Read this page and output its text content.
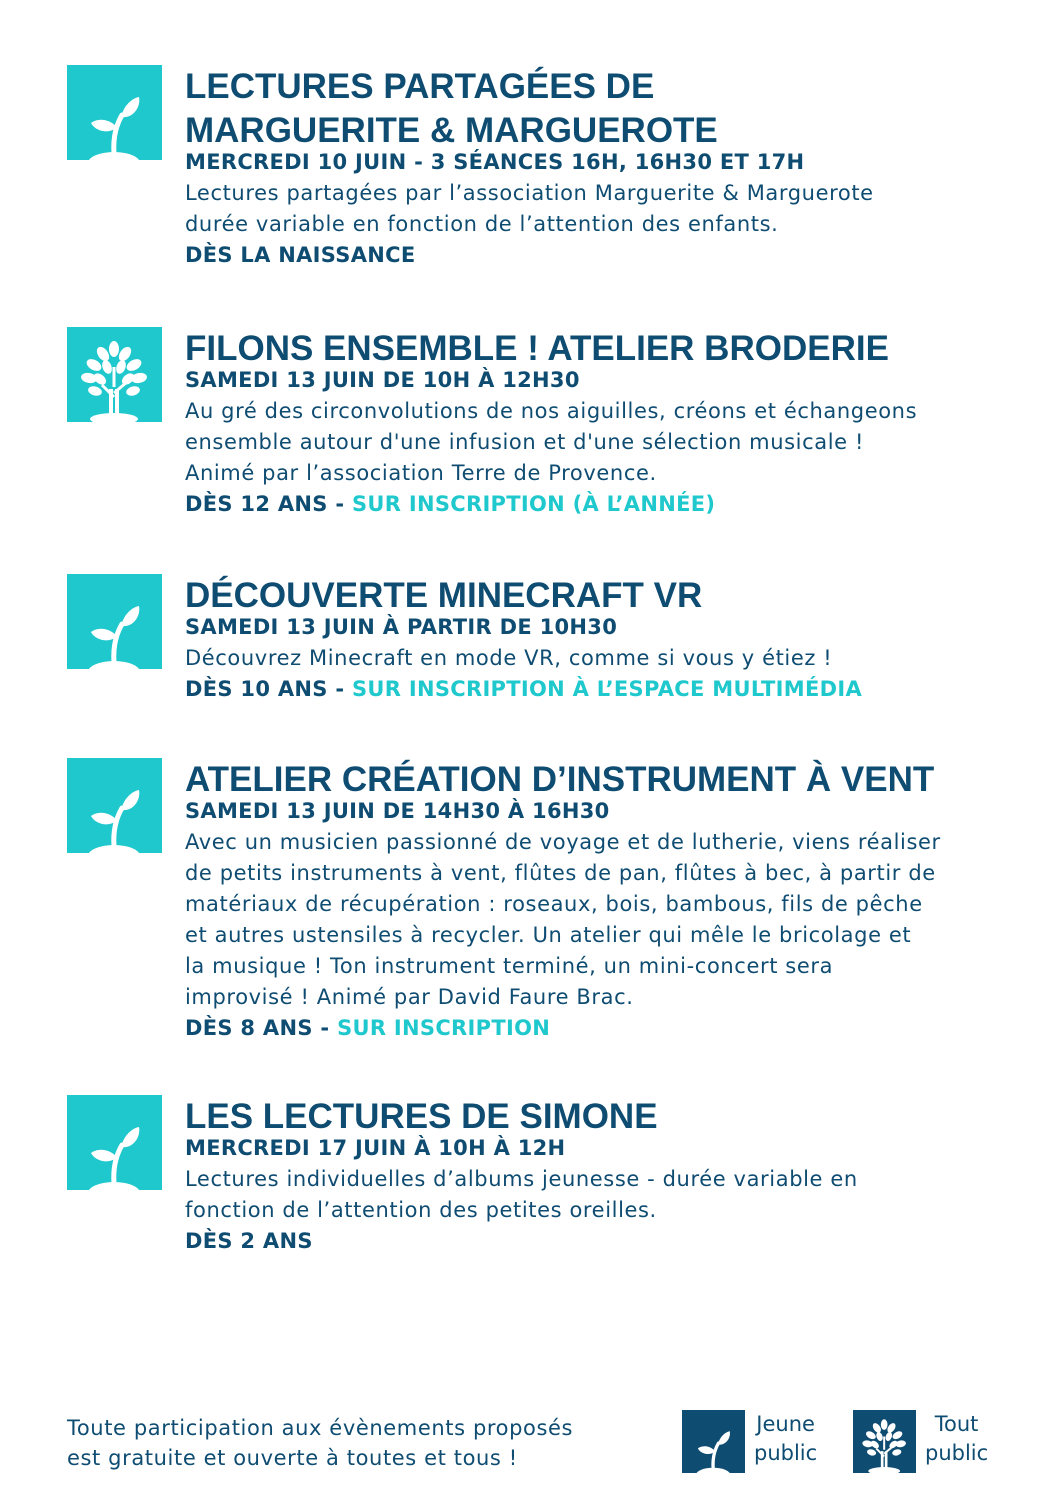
LECTURES PARTAGÉES DE
MARGUERITE & MARGUEROTE
MERCREDI 10 JUIN - 3 SÉANCES 16H, 16H30 ET 17H

Lectures partagées par l’association Marguerite & Marguerote

durée variable en fonction de l’attention des enfants.

DÈS LA NAISSANCE
FILONS ENSEMBLE ! ATELIER BRODERIE
SAMEDI 13 JUIN DE 10H À 12H30

Au gré des circonvolutions de nos aiguilles, créons et échangeons

ensemble autour d'une infusion et d'une sélection musicale !

Animé par l’association Terre de Provence.

DÈS 12 ANS - SUR INSCRIPTION (À L’ANNÉE)
DÉCOUVERTE MINECRAFT VR
SAMEDI 13 JUIN À PARTIR DE 10H30

Découvrez Minecraft en mode VR, comme si vous y étiez !

DÈS 10 ANS - SUR INSCRIPTION À L’ESPACE MULTIMÉDIA
ATELIER CRÉATION D’INSTRUMENT À VENT
SAMEDI 13 JUIN DE 14H30 À 16H30

Avec un musicien passionné de voyage et de lutherie, viens réaliser

de petits instruments à vent, flûtes de pan, flûtes à bec, à partir de

matériaux de récupération : roseaux, bois, bambous, fils de pêche

et autres ustensiles à recycler. Un atelier qui mêle le bricolage et

la musique ! Ton instrument terminé, un mini-concert sera

improvisé ! Animé par David Faure Brac.

DÈS 8 ANS - SUR INSCRIPTION
LES LECTURES DE SIMONE
MERCREDI 17 JUIN À 10H À 12H

Lectures individuelles d’albums jeunesse - durée variable en

fonction de l’attention des petites oreilles.

DÈS 2 ANS
Toute participation aux évènements proposés
est gratuite et ouverte à toutes et tous !
Jeune
public
Tout
public
